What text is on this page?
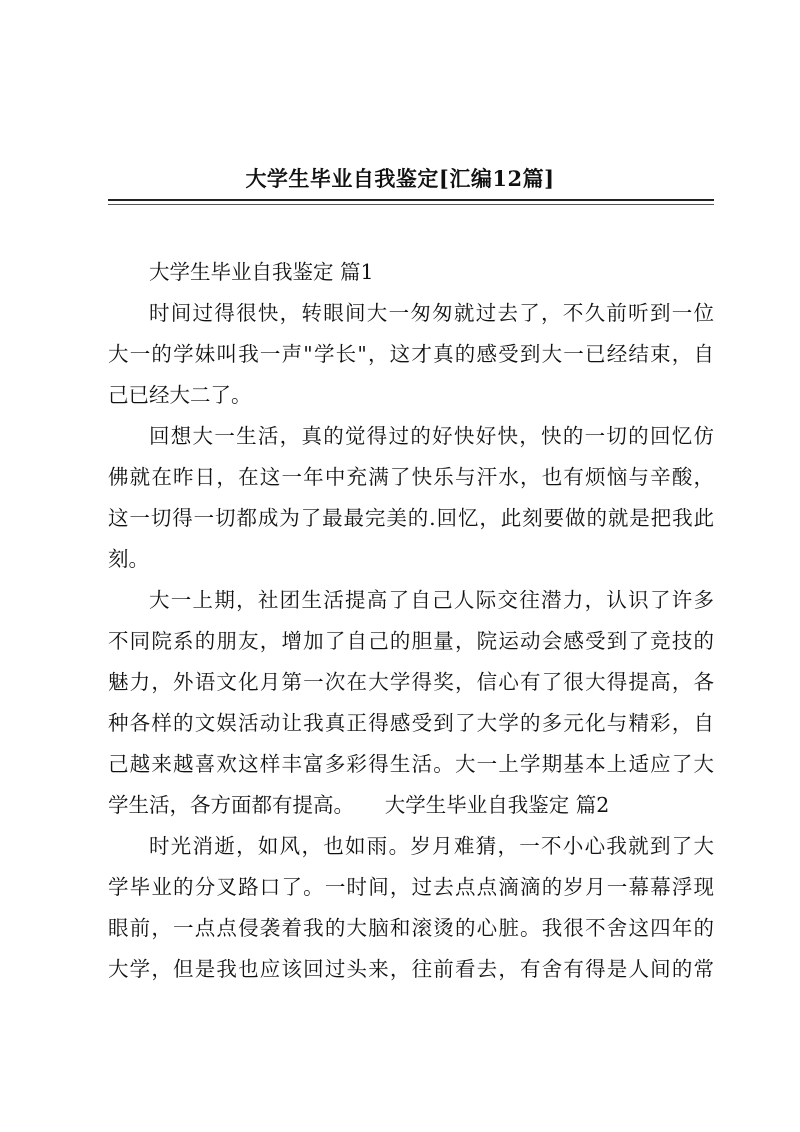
大学生毕业自我鉴定[汇编12篇]
大学生毕业自我鉴定 篇1
时间过得很快，转眼间大一匆匆就过去了，不久前听到一位
大一的学妹叫我一声"学长"，这才真的感受到大一已经结束，自
己已经大二了。
回想大一生活，真的觉得过的好快好快，快的一切的回忆仿
佛就在昨日，在这一年中充满了快乐与汗水，也有烦恼与辛酸，
这一切得一切都成为了最最完美的.回忆，此刻要做的就是把我此
刻。
大一上期，社团生活提高了自己人际交往潜力，认识了许多
不同院系的朋友，增加了自己的胆量，院运动会感受到了竞技的
魅力，外语文化月第一次在大学得奖，信心有了很大得提高，各
种各样的文娱活动让我真正得感受到了大学的多元化与精彩，自
己越来越喜欢这样丰富多彩得生活。大一上学期基本上适应了大
学生活，各方面都有提高。　　大学生毕业自我鉴定 篇2
时光消逝，如风，也如雨。岁月难猜，一不小心我就到了大
学毕业的分叉路口了。一时间，过去点点滴滴的岁月一幕幕浮现
眼前，一点点侵袭着我的大脑和滚烫的心脏。我很不舍这四年的
大学，但是我也应该回过头来，往前看去，有舍有得是人间的常
